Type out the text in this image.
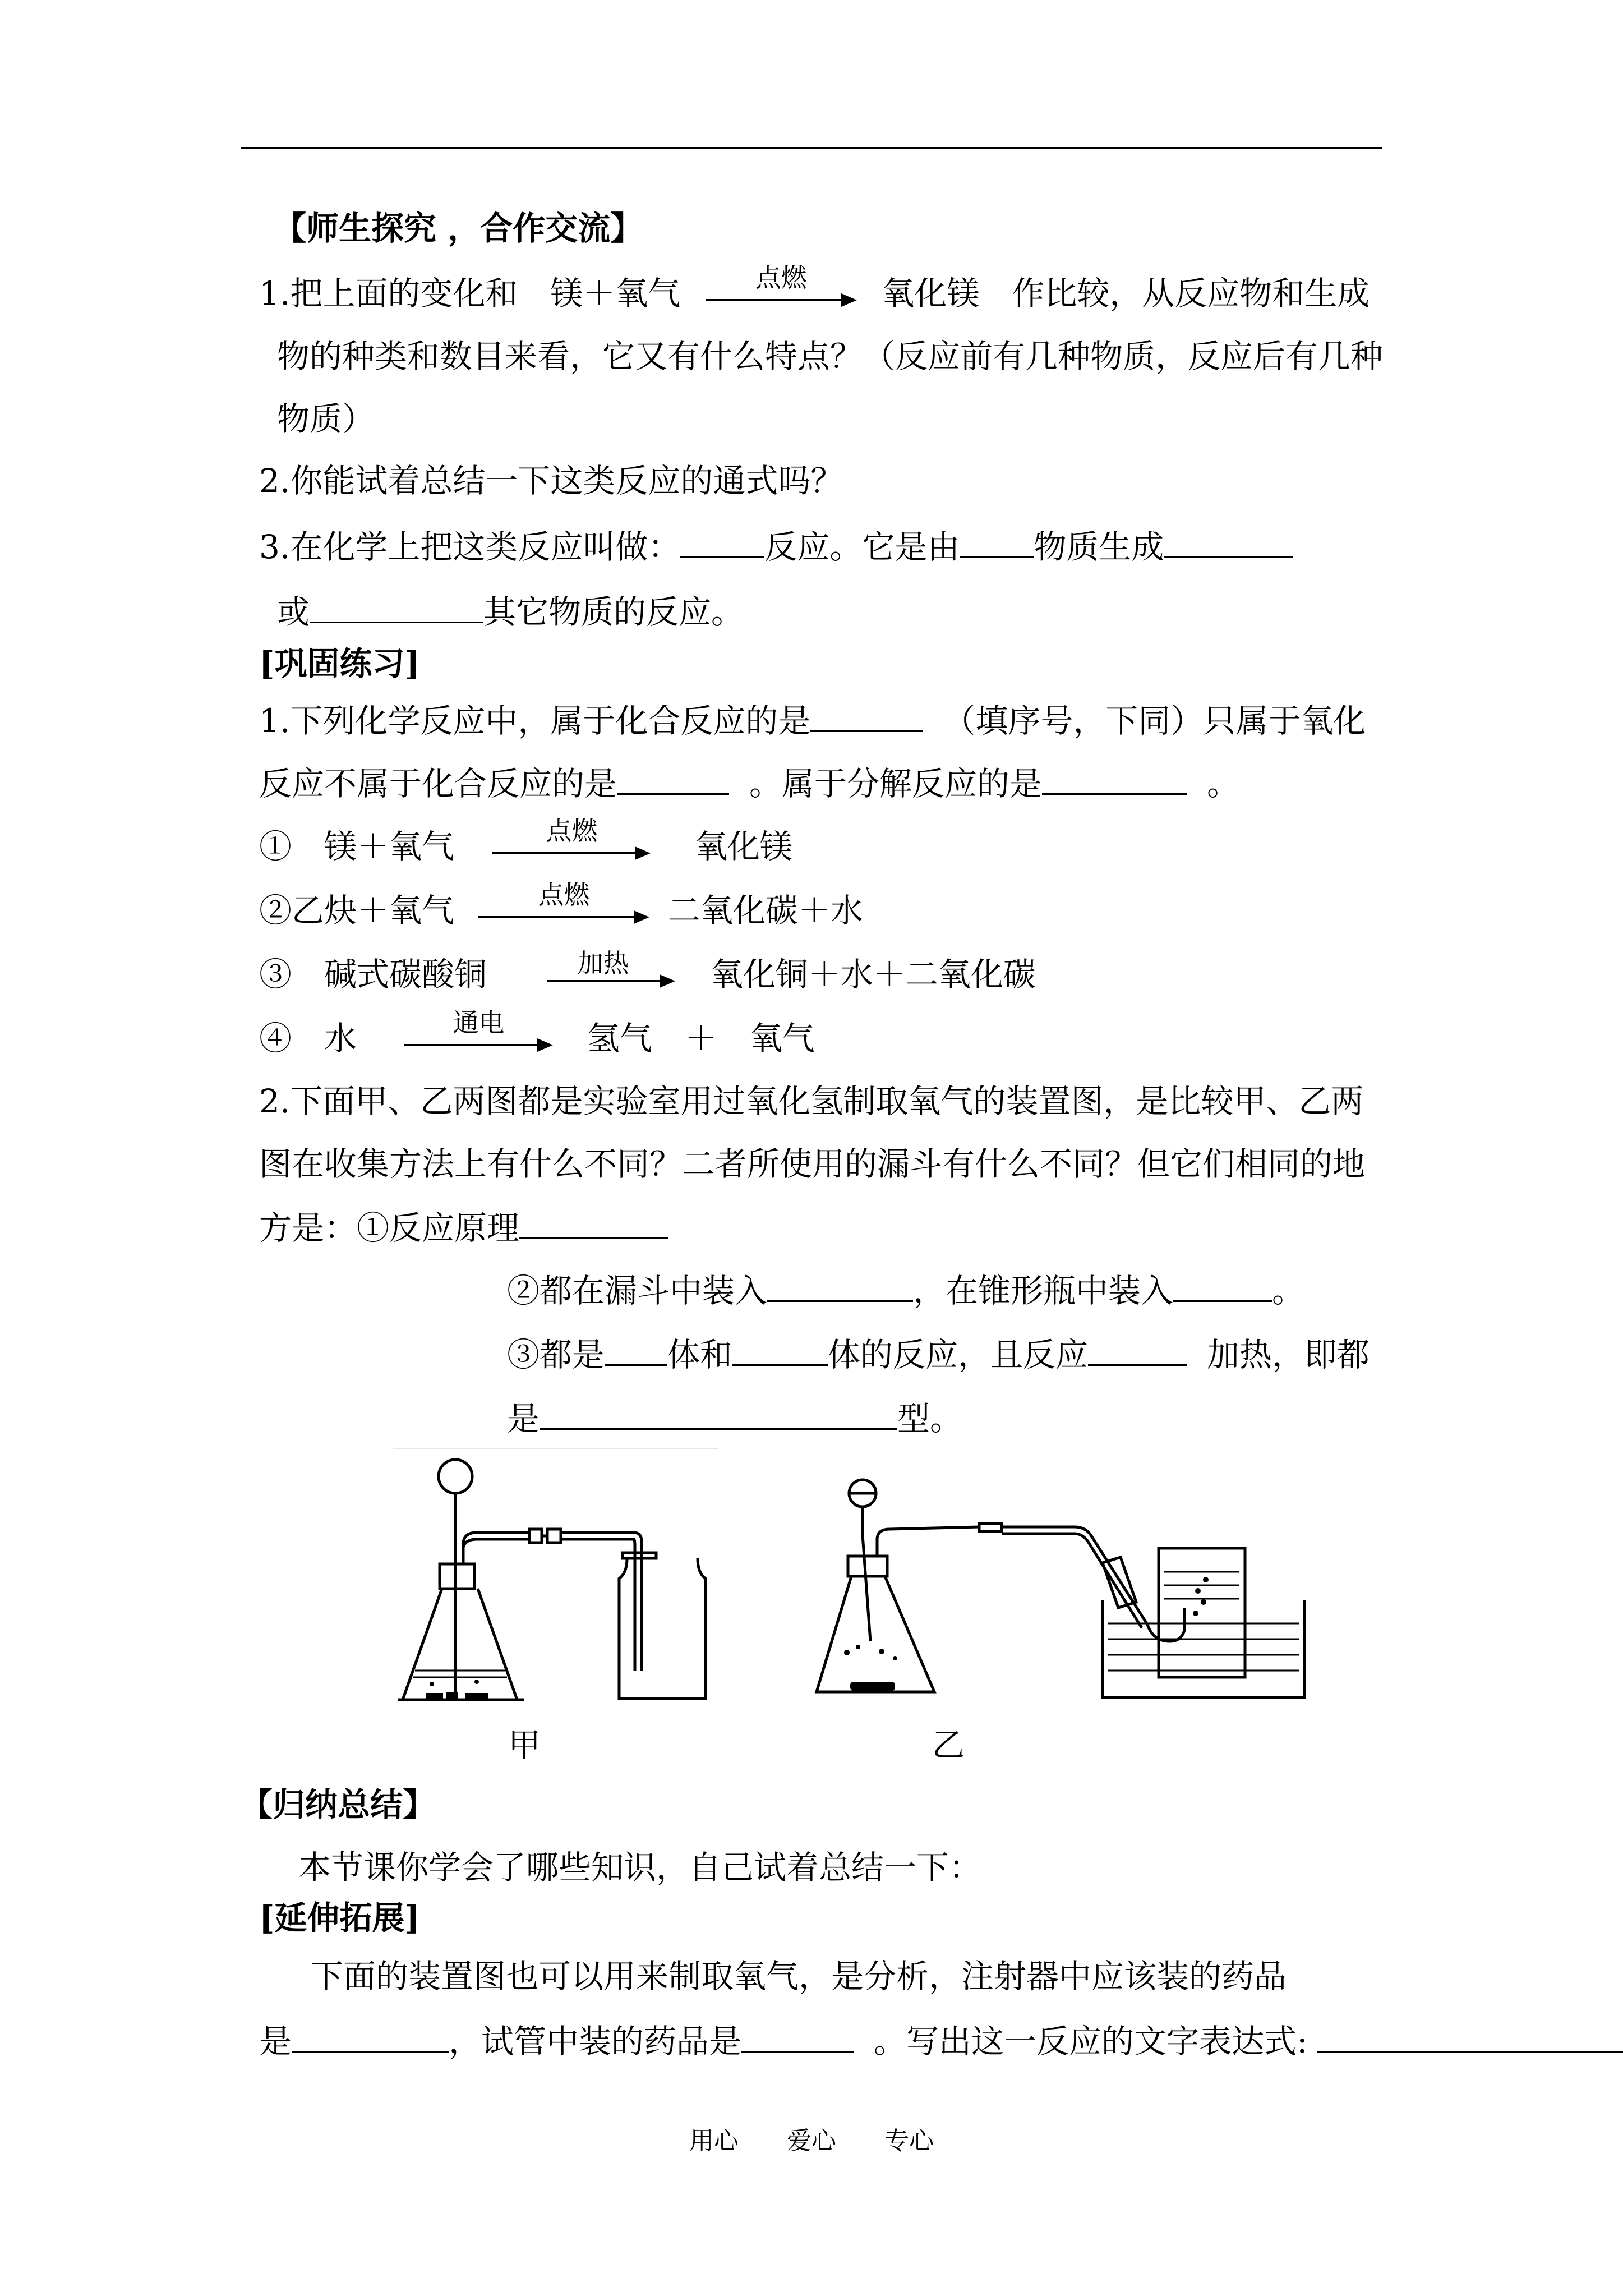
【师生探究 ，合作交流】
1.把上面的变化和　镁＋氧气	点燃	氧化镁　作比较，从反应物和生成
物的种类和数目来看，它又有什么特点？（反应前有几种物质，反应后有几种
物质）
2.你能试着总结一下这类反应的通式吗？
3.在化学上把这类反应叫做：	反应。它是由 物质生成
或	其它物质的反应。
[巩固练习]
1.下列化学反应中，属于化合反应的是	（填序号，下同）只属于氧化
反应不属于化合反应的是	。属于分解反应的是	。
①　镁＋氧气	点燃	氧化镁
②乙炔＋氧气	点燃	二氧化碳＋水
③　碱式碳酸铜	加热	氧化铜＋水＋二氧化碳
④　水	通电	氢气　＋　氧气
2.下面甲、乙两图都是实验室用过氧化氢制取氧气的装置图，是比较甲、乙两
图在收集方法上有什么不同？二者所使用的漏斗有什么不同？但它们相同的地
方是：①反应原理
②都在漏斗中装入	，在锥形瓶中装入	。
③都是 体和	体的反应，且反应	加热，即都
是	型。
甲	乙
【归纳总结】
本节课你学会了哪些知识，自己试着总结一下：
[延伸拓展]
下面的装置图也可以用来制取氧气，是分析，注射器中应该装的药品
是	，试管中装的药品是	。写出这一反应的文字表达式:
用心 爱心 专心
